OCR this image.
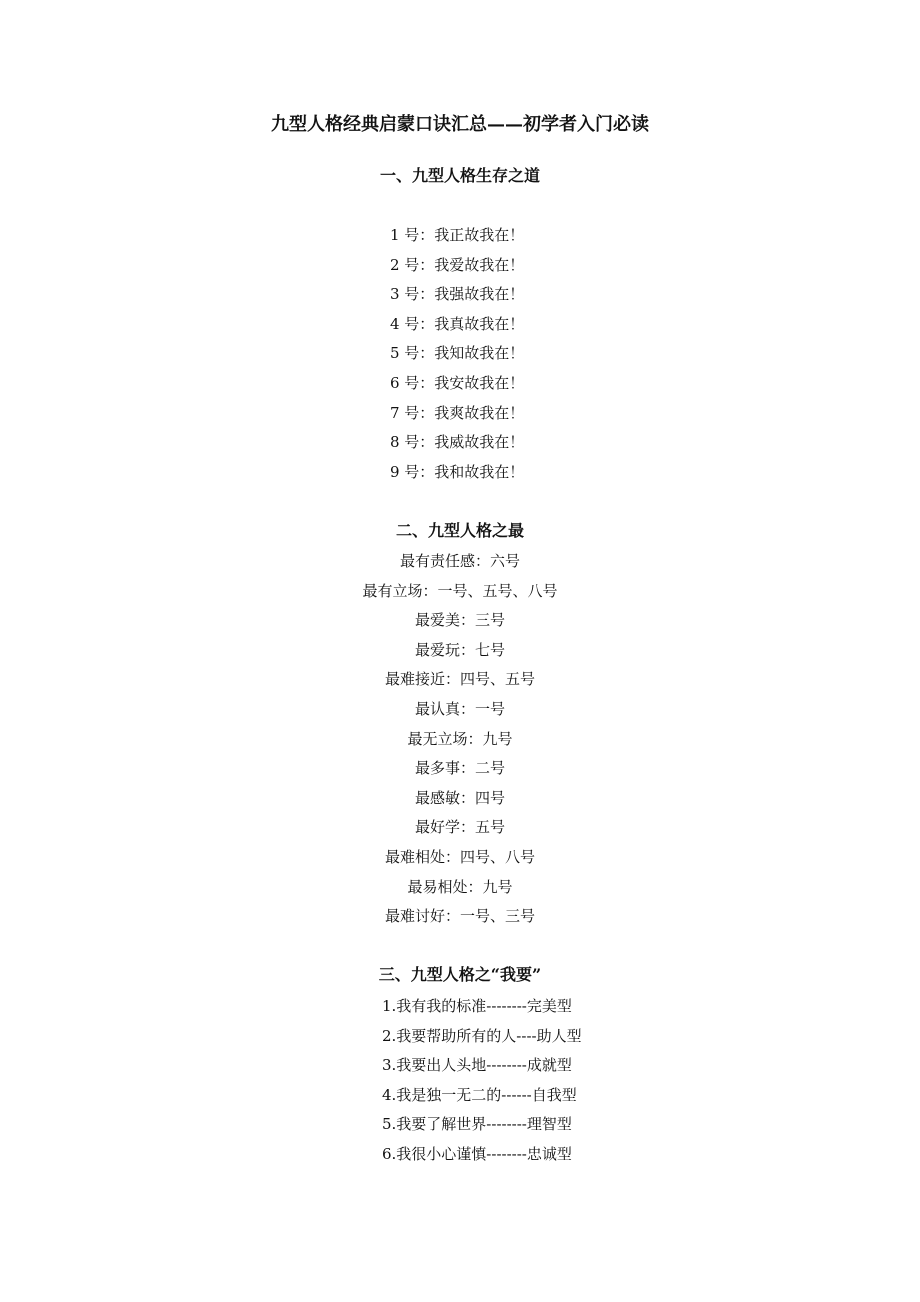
九型人格经典启蒙口诀汇总——初学者入门必读
一、九型人格生存之道
1 号：我正故我在！
2 号：我爱故我在！
3 号：我强故我在！
4 号：我真故我在！
5 号：我知故我在！
6 号：我安故我在！
7 号：我爽故我在！
8 号：我威故我在！
9 号：我和故我在！
二、九型人格之最
最有责任感：六号
最有立场：一号、五号、八号
最爱美：三号
最爱玩：七号
最难接近：四号、五号
最认真：一号
最无立场：九号
最多事：二号
最感敏：四号
最好学：五号
最难相处：四号、八号
最易相处：九号
最难讨好：一号、三号
三、九型人格之“我要”
1.我有我的标准--------完美型
2.我要帮助所有的人----助人型
3.我要出人头地--------成就型
4.我是独一无二的------自我型
5.我要了解世界--------理智型
6.我很小心谨慎--------忠诚型
